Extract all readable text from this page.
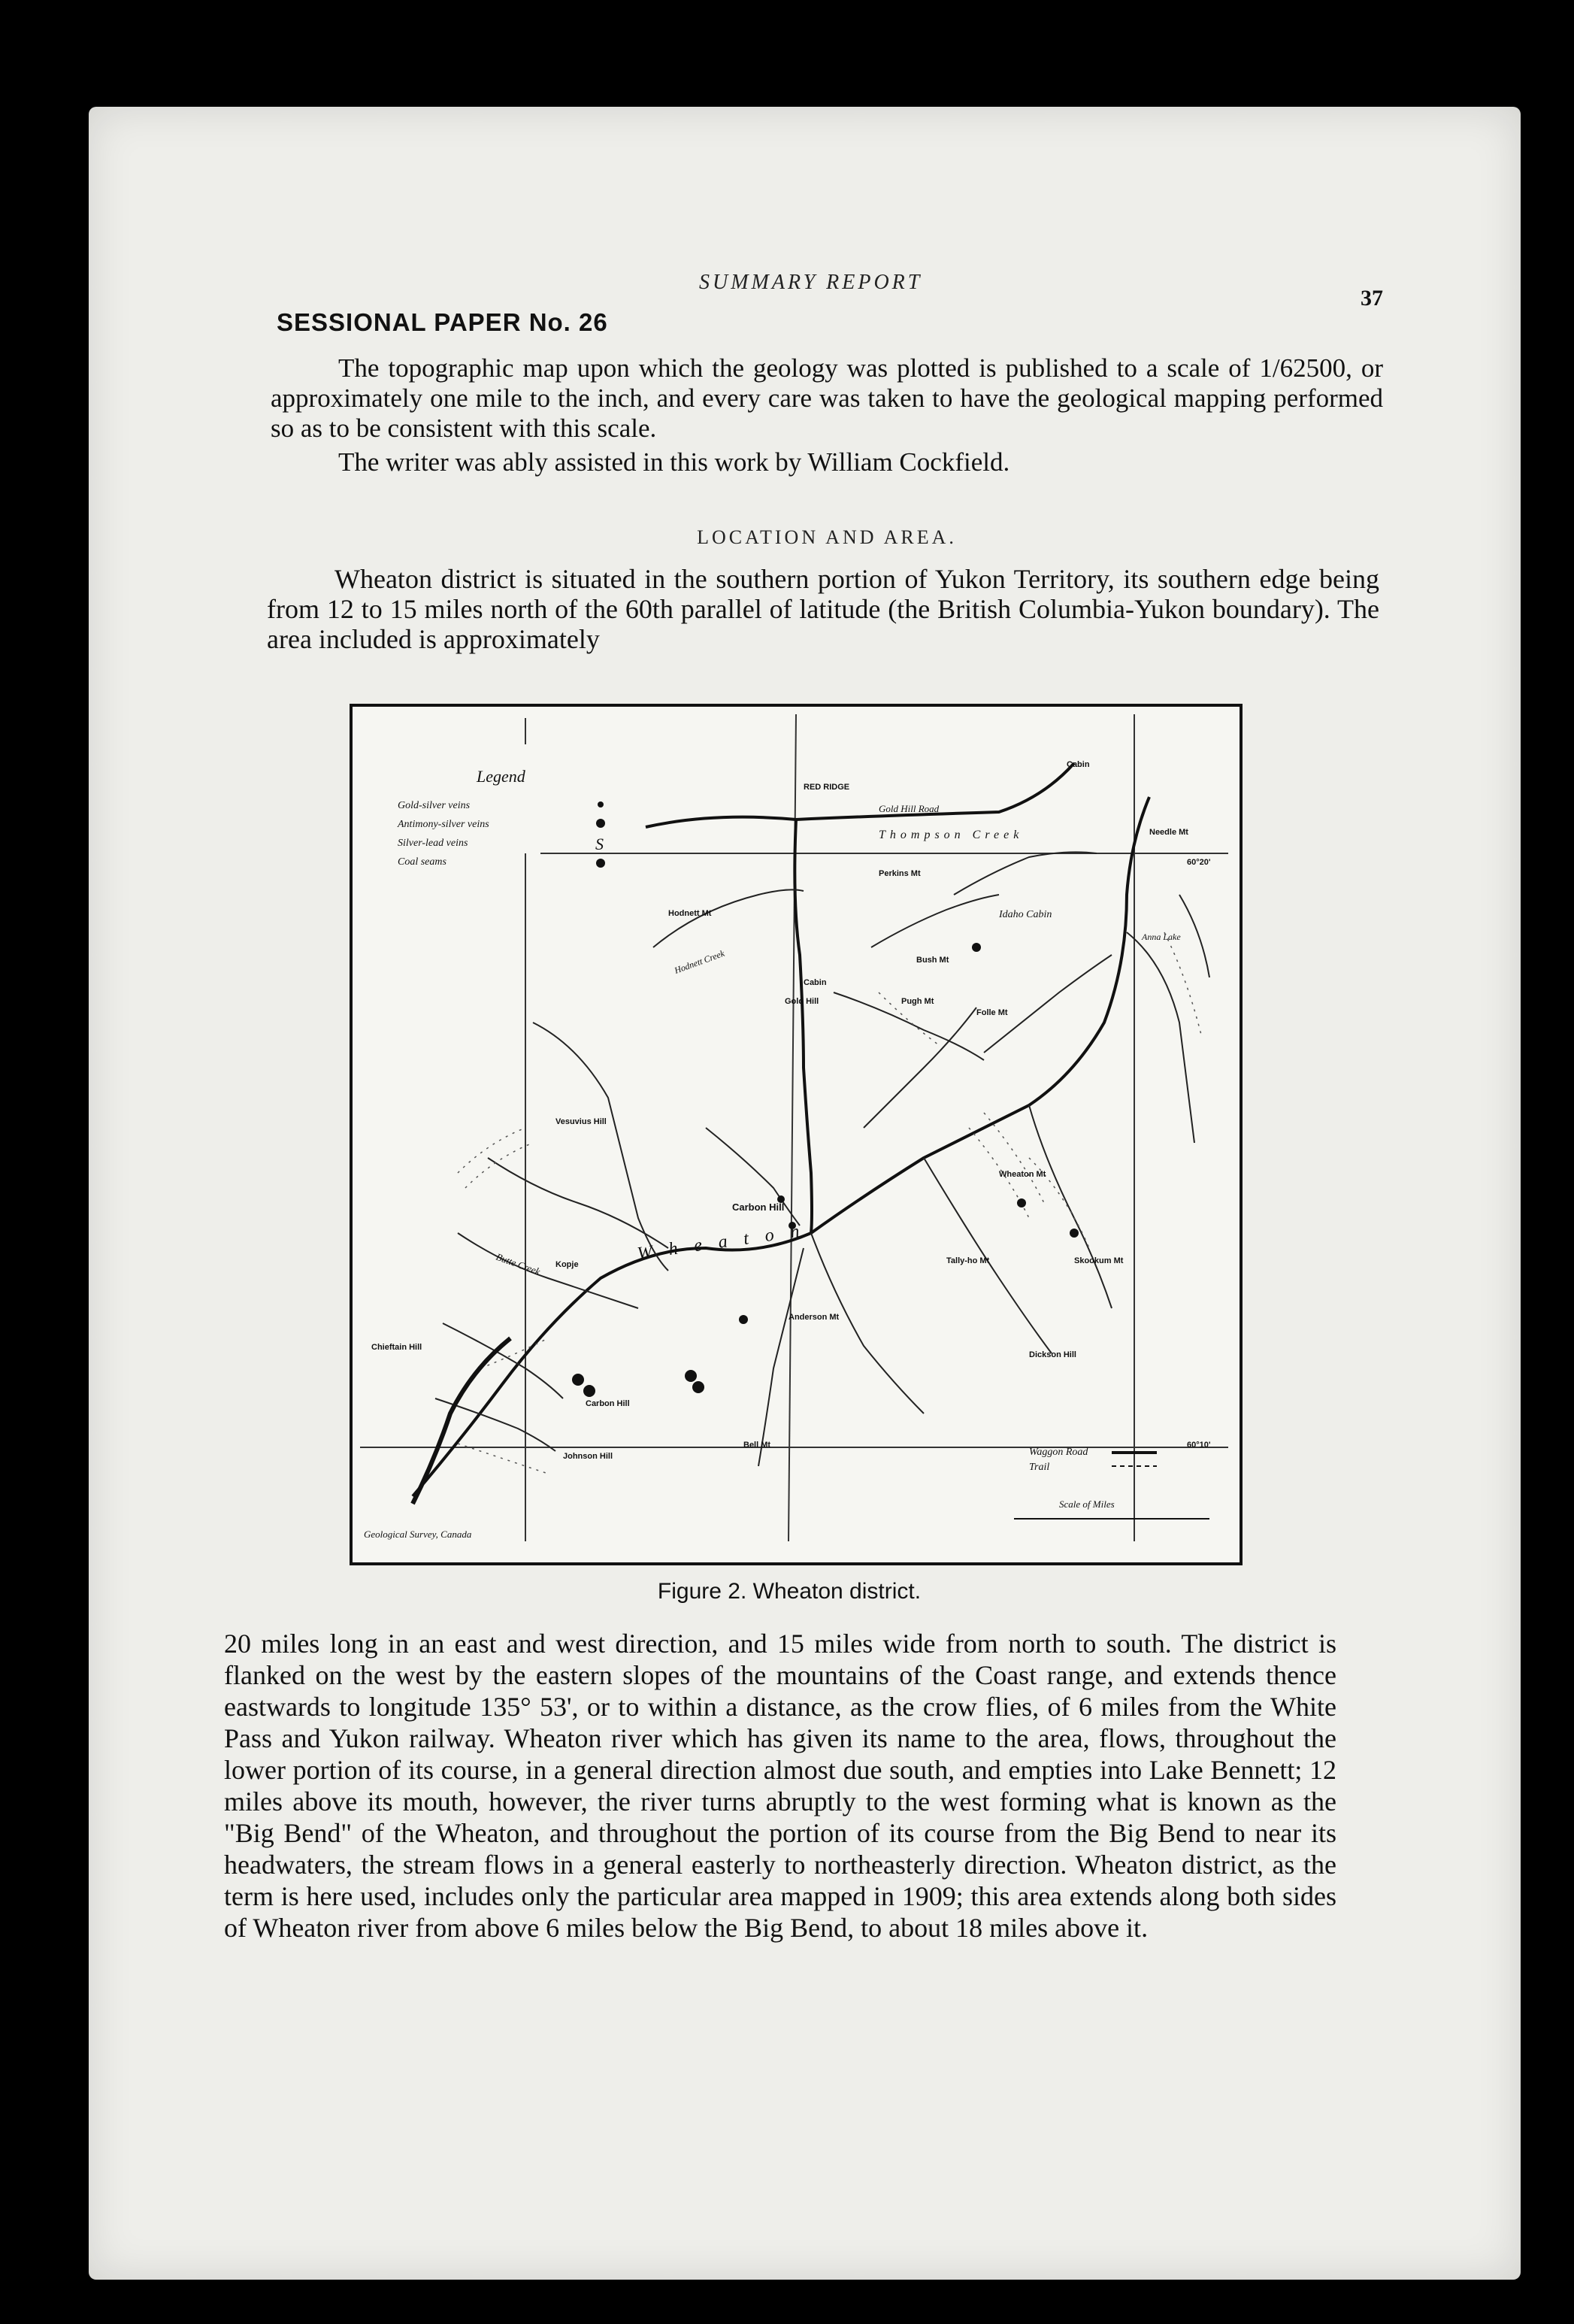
SUMMARY REPORT
37
SESSIONAL PAPER No. 26
The topographic map upon which the geology was plotted is published to a scale of 1/62500, or approximately one mile to the inch, and every care was taken to have the geological mapping performed so as to be consistent with this scale.
The writer was ably assisted in this work by William Cockfield.
LOCATION AND AREA.
Wheaton district is situated in the southern portion of Yukon Territory, its southern edge being from 12 to 15 miles north of the 60th parallel of latitude (the British Columbia-Yukon boundary). The area included is approximately
Legend
Gold-silver veins
Antimony-silver veins
Silver-lead veins
Coal seams
S
RED RIDGE
Gold Hill Road
Thompson Creek
Cabin
Needle Mt
60°20'
Perkins Mt
Hodnett Mt
Hodnett Creek
Idaho Cabin
Anna Lake
Bush Mt
Gold Hill
Cabin
Pugh Mt
Folle Mt
Vesuvius Hill
Carbon Hill
Wheaton Mt
Wheaton	Tally-ho Mt	Skookum Mt
Kopje
Butte Creek
Anderson Mt
Chieftain Hill
Carbon Hill
Dickson Hill
Johnson Hill
Bell Mt
Waggon Road
Trail
60°10'
Scale of Miles
Geological Survey, Canada
Figure 2. Wheaton district.
20 miles long in an east and west direction, and 15 miles wide from north to south. The district is flanked on the west by the eastern slopes of the mountains of the Coast range, and extends thence eastwards to longitude 135° 53', or to within a distance, as the crow flies, of 6 miles from the White Pass and Yukon railway. Wheaton river which has given its name to the area, flows, throughout the lower portion of its course, in a general direction almost due south, and empties into Lake Bennett; 12 miles above its mouth, however, the river turns abruptly to the west forming what is known as the "Big Bend" of the Wheaton, and throughout the portion of its course from the Big Bend to near its headwaters, the stream flows in a general easterly to northeasterly direction. Wheaton district, as the term is here used, includes only the particular area mapped in 1909; this area extends along both sides of Wheaton river from above 6 miles below the Big Bend, to about 18 miles above it.
